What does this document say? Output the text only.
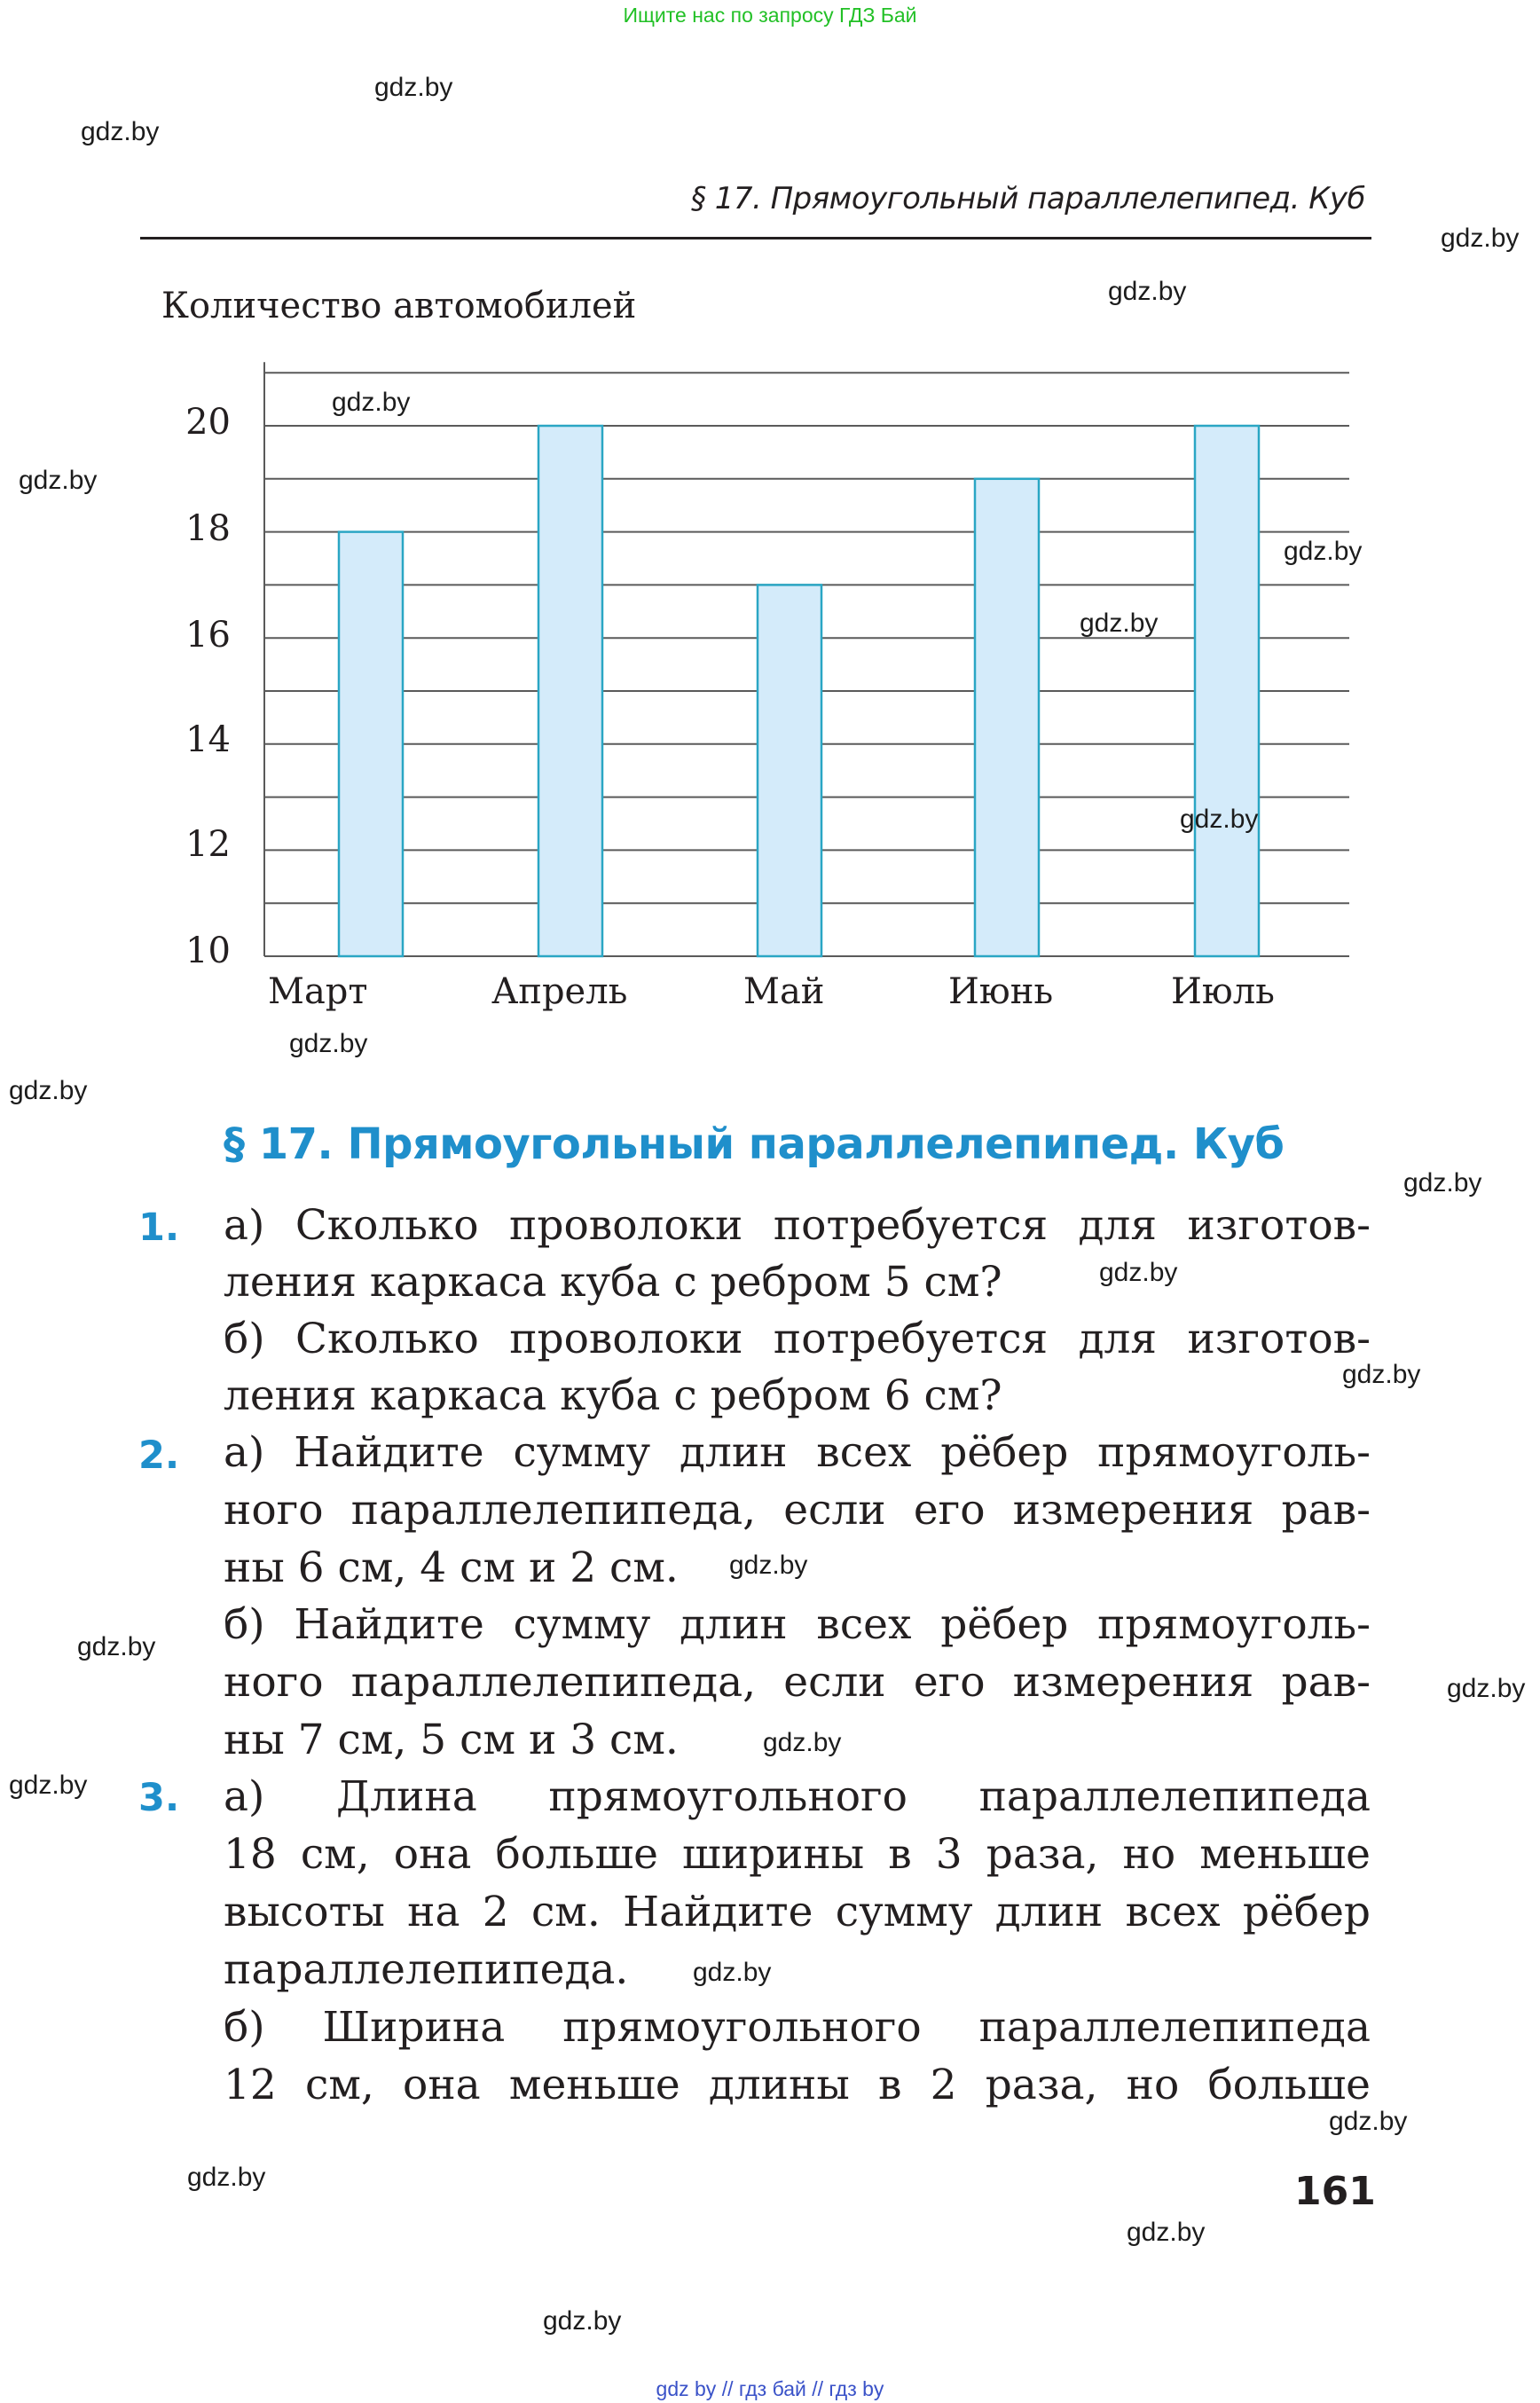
Ищите нас по запросу ГДЗ Бай
gdz by // гдз бай // гдз by
§ 17. Прямоугольный параллелепипед. Куб
Количество автомобилей
20
18
16
14
12
10
Март	Апрель	Май	Июнь	Июль
§ 17. Прямоугольный параллелепипед. Куб
1.
2.
3.
а) Сколько проволоки потребуется для изготов-
ления каркаса куба с ребром 5 см?
б) Сколько проволоки потребуется для изготов-
ления каркаса куба с ребром 6 см?
а) Найдите сумму длин всех рёбер прямоуголь-
ного параллелепипеда, если его измерения рав-
ны 6 см, 4 см и 2 см.
б) Найдите сумму длин всех рёбер прямоуголь-
ного параллелепипеда, если его измерения рав-
ны 7 см, 5 см и 3 см.
а) Длина прямоугольного параллелепипеда
18 см, она больше ширины в 3 раза, но меньше
высоты на 2 см. Найдите сумму длин всех рёбер
параллелепипеда.
б) Ширина прямоугольного параллелепипеда
12 см, она меньше длины в 2 раза, но больше
161
gdz.by
gdz.by
gdz.by
gdz.by
gdz.by
gdz.by
gdz.by
gdz.by
gdz.by
gdz.by
gdz.by
gdz.by
gdz.by
gdz.by
gdz.by
gdz.by
gdz.by
gdz.by
gdz.by
gdz.by
gdz.by
gdz.by
gdz.by
gdz.by
